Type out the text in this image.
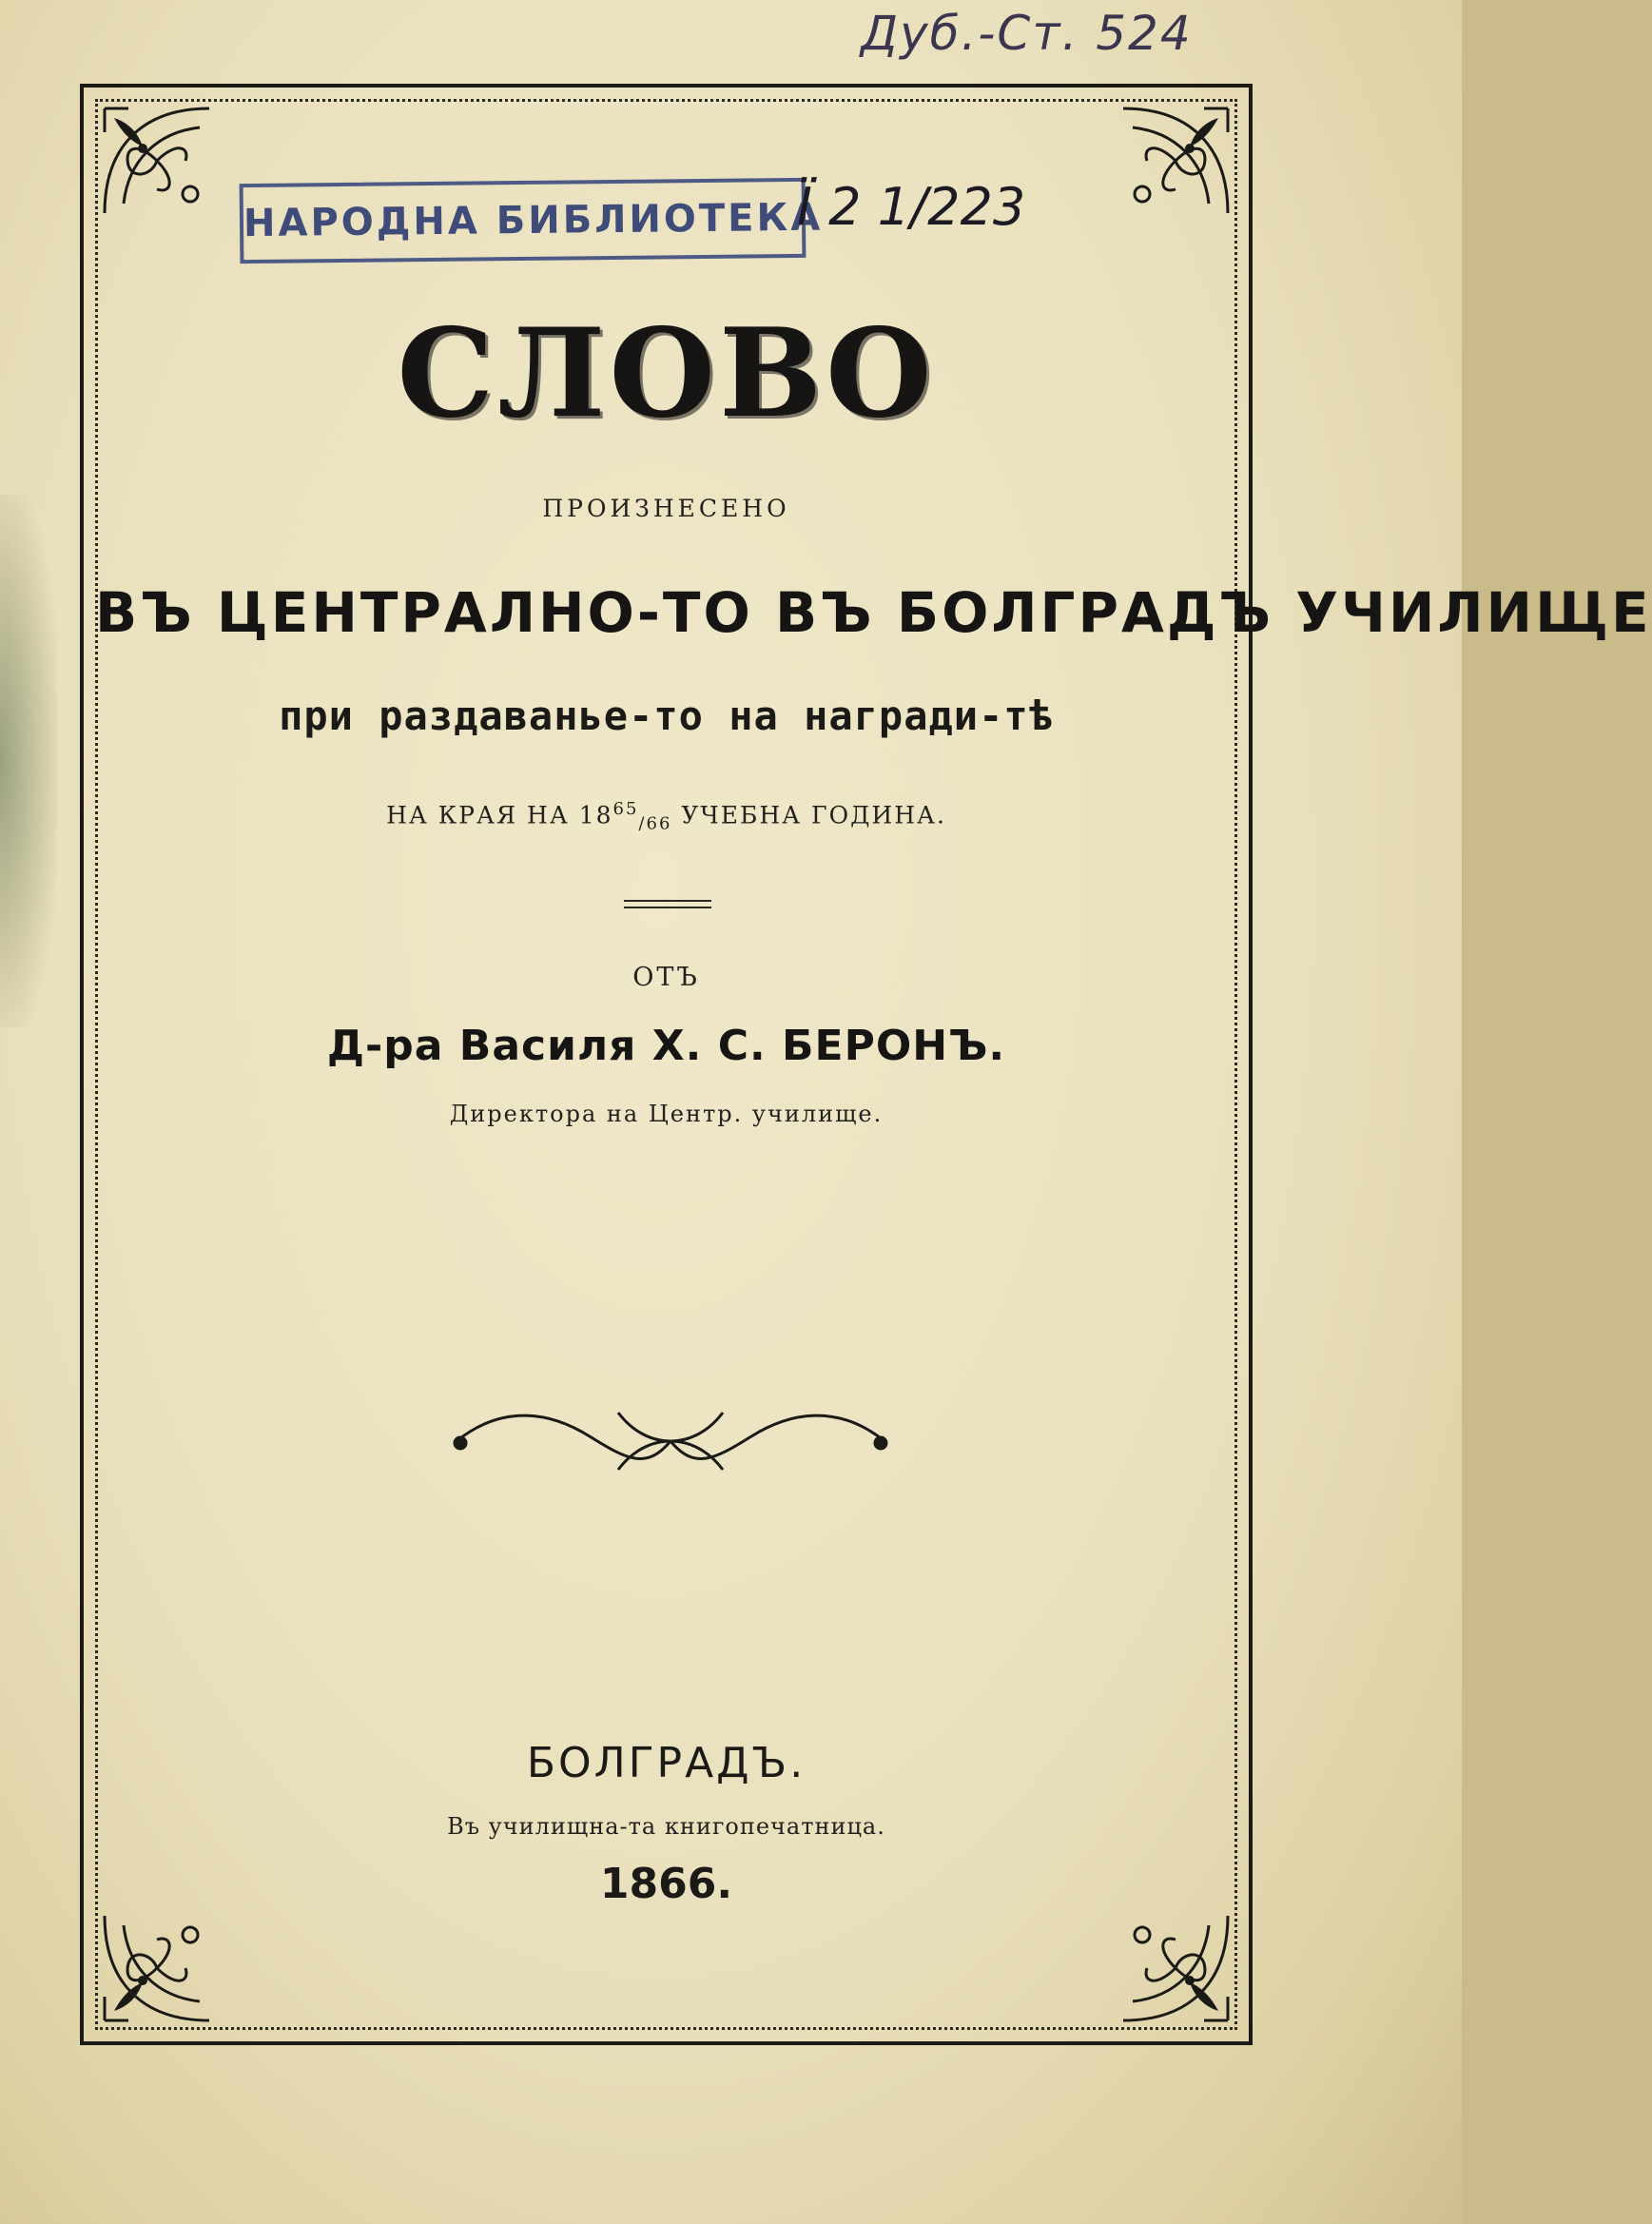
Дуб.-Ст. 524
НАРОДНА БИБЛИОТЕКА
Ї 2 1/223
СЛОВО
ПРОИЗНЕСЕНО
ВЪ ЦЕНТРАЛНО-ТО ВЪ БОЛГРАДЪ УЧИЛИЩЕ
при раздаванье-то на награди-тѣ
НА КРАЯ НА $18^{65}_{/66}$ УЧЕБНА ГОДИНА.
ОТЪ
Д-ра Василя Х. С. БЕРОНЪ.
Директора на Центр. училище.
БОЛГРАДЪ.
Въ училищна-та книгопечатница.
1866.
